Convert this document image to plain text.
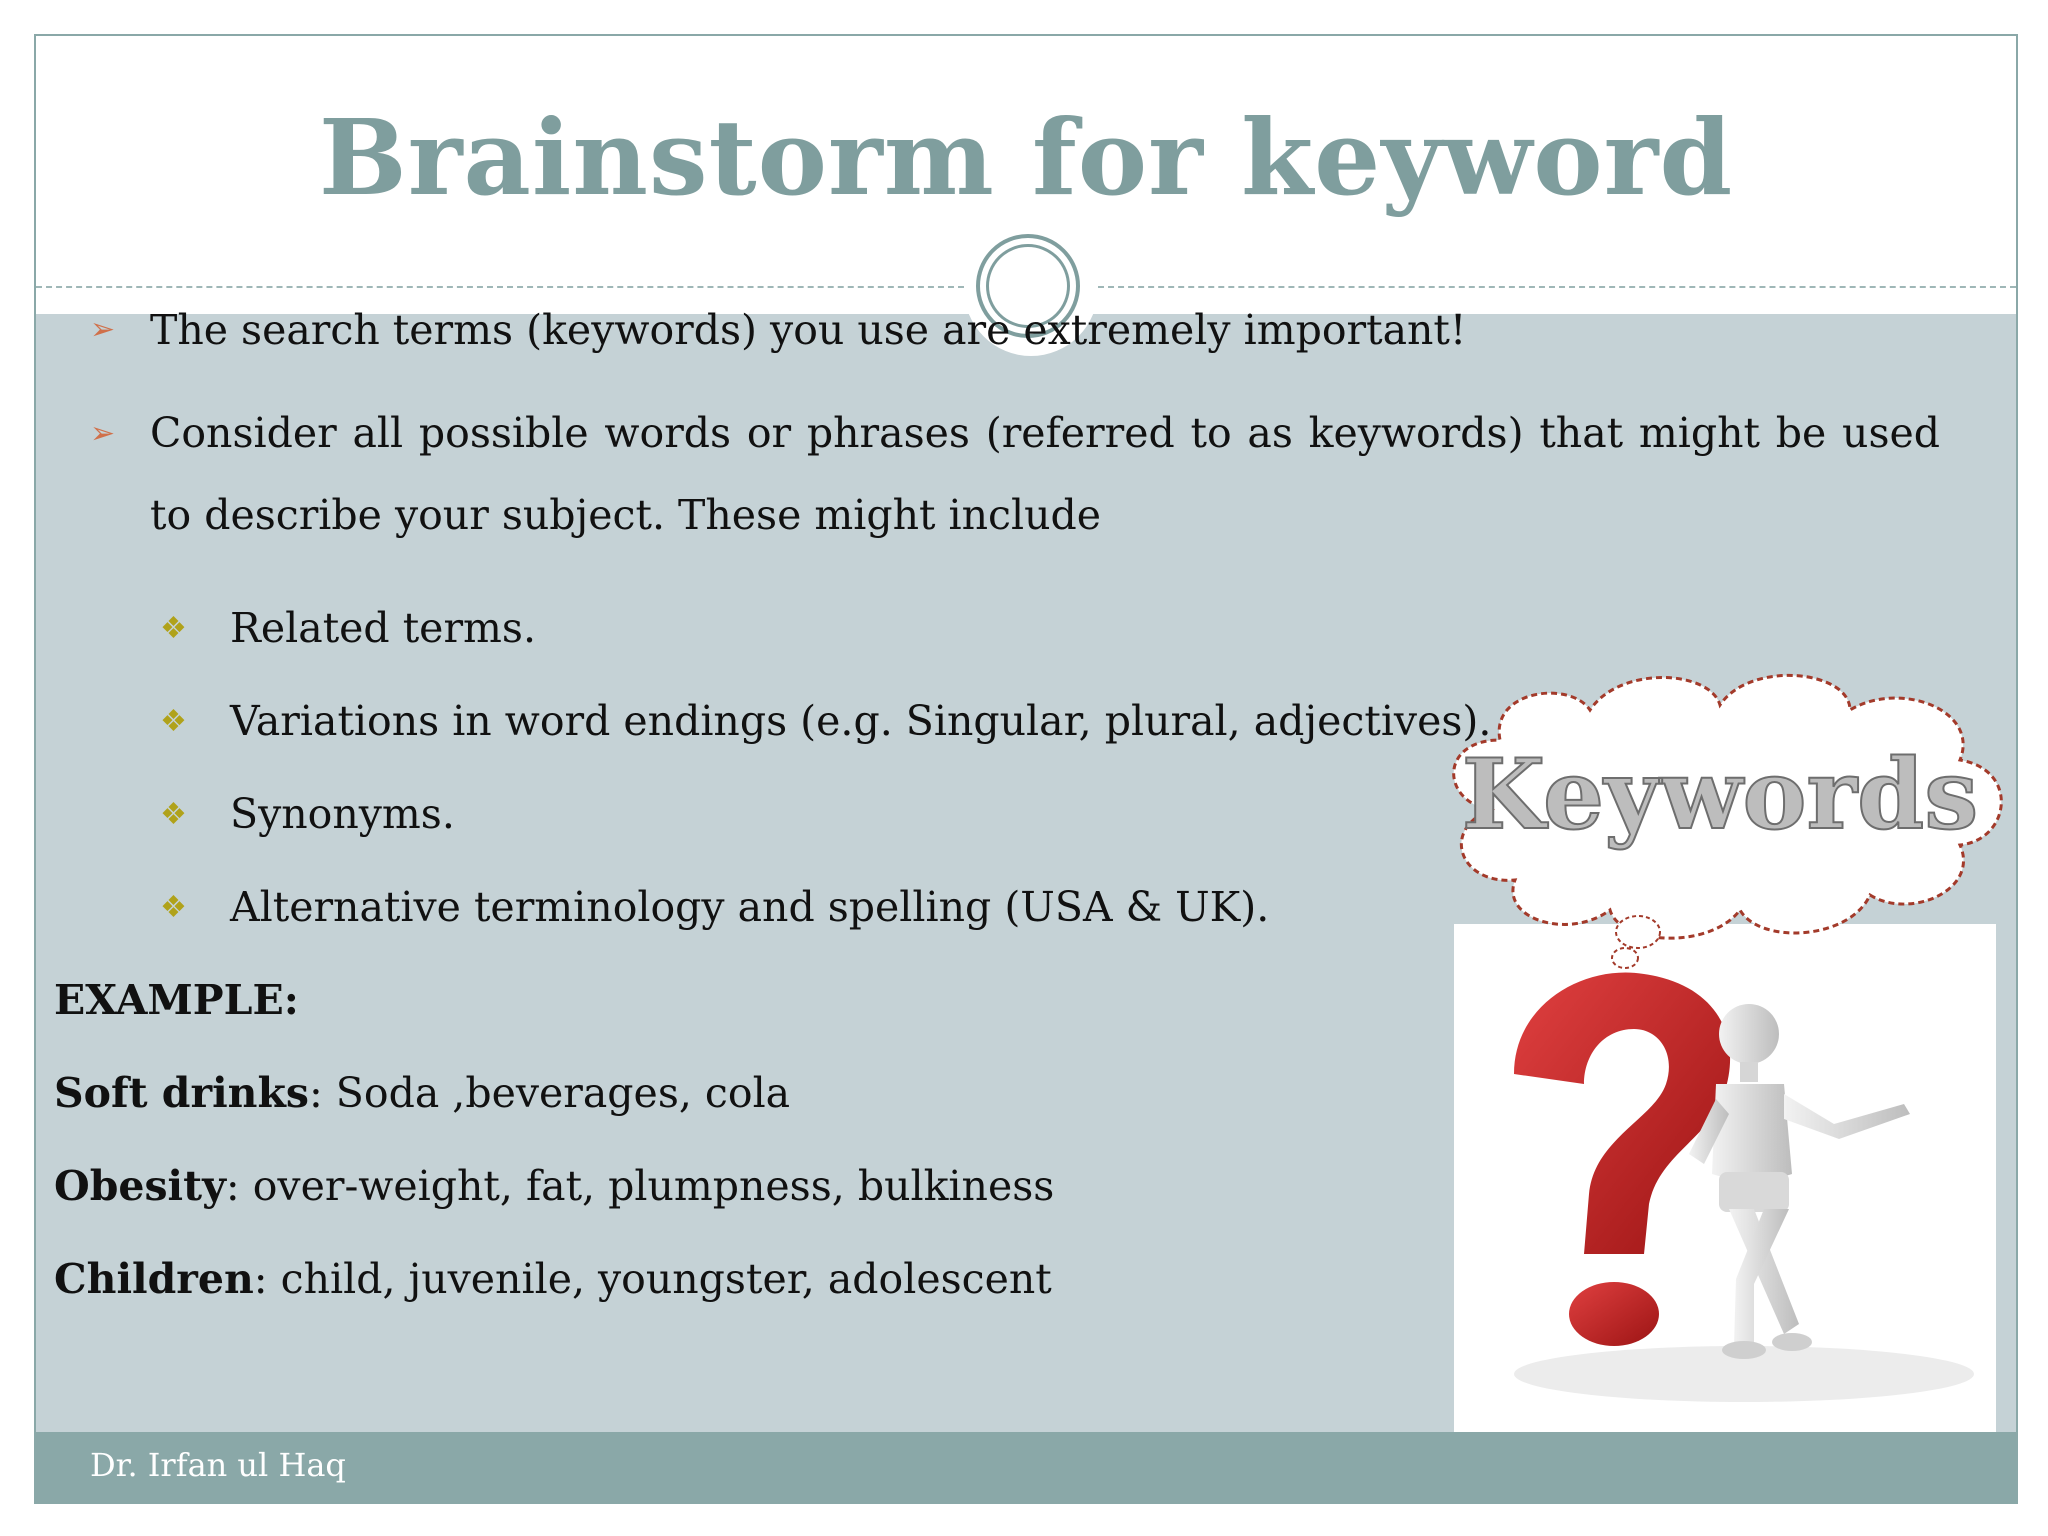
Brainstorm for keyword
Dr. Irfan ul Haq
➢ The search terms (keywords) you use are extremely important!
➢ Consider all possible words or phrases (referred to as keywords) that might be used to describe your subject. These might include
❖	Related terms.
❖	Variations in word endings (e.g. Singular, plural, adjectives).
❖	Synonyms.
❖	Alternative terminology and spelling (USA & UK).
EXAMPLE:
Soft drinks: Soda ,beverages, cola
Obesity: over-weight, fat, plumpness, bulkiness
Children: child, juvenile, youngster, adolescent
Keywords
